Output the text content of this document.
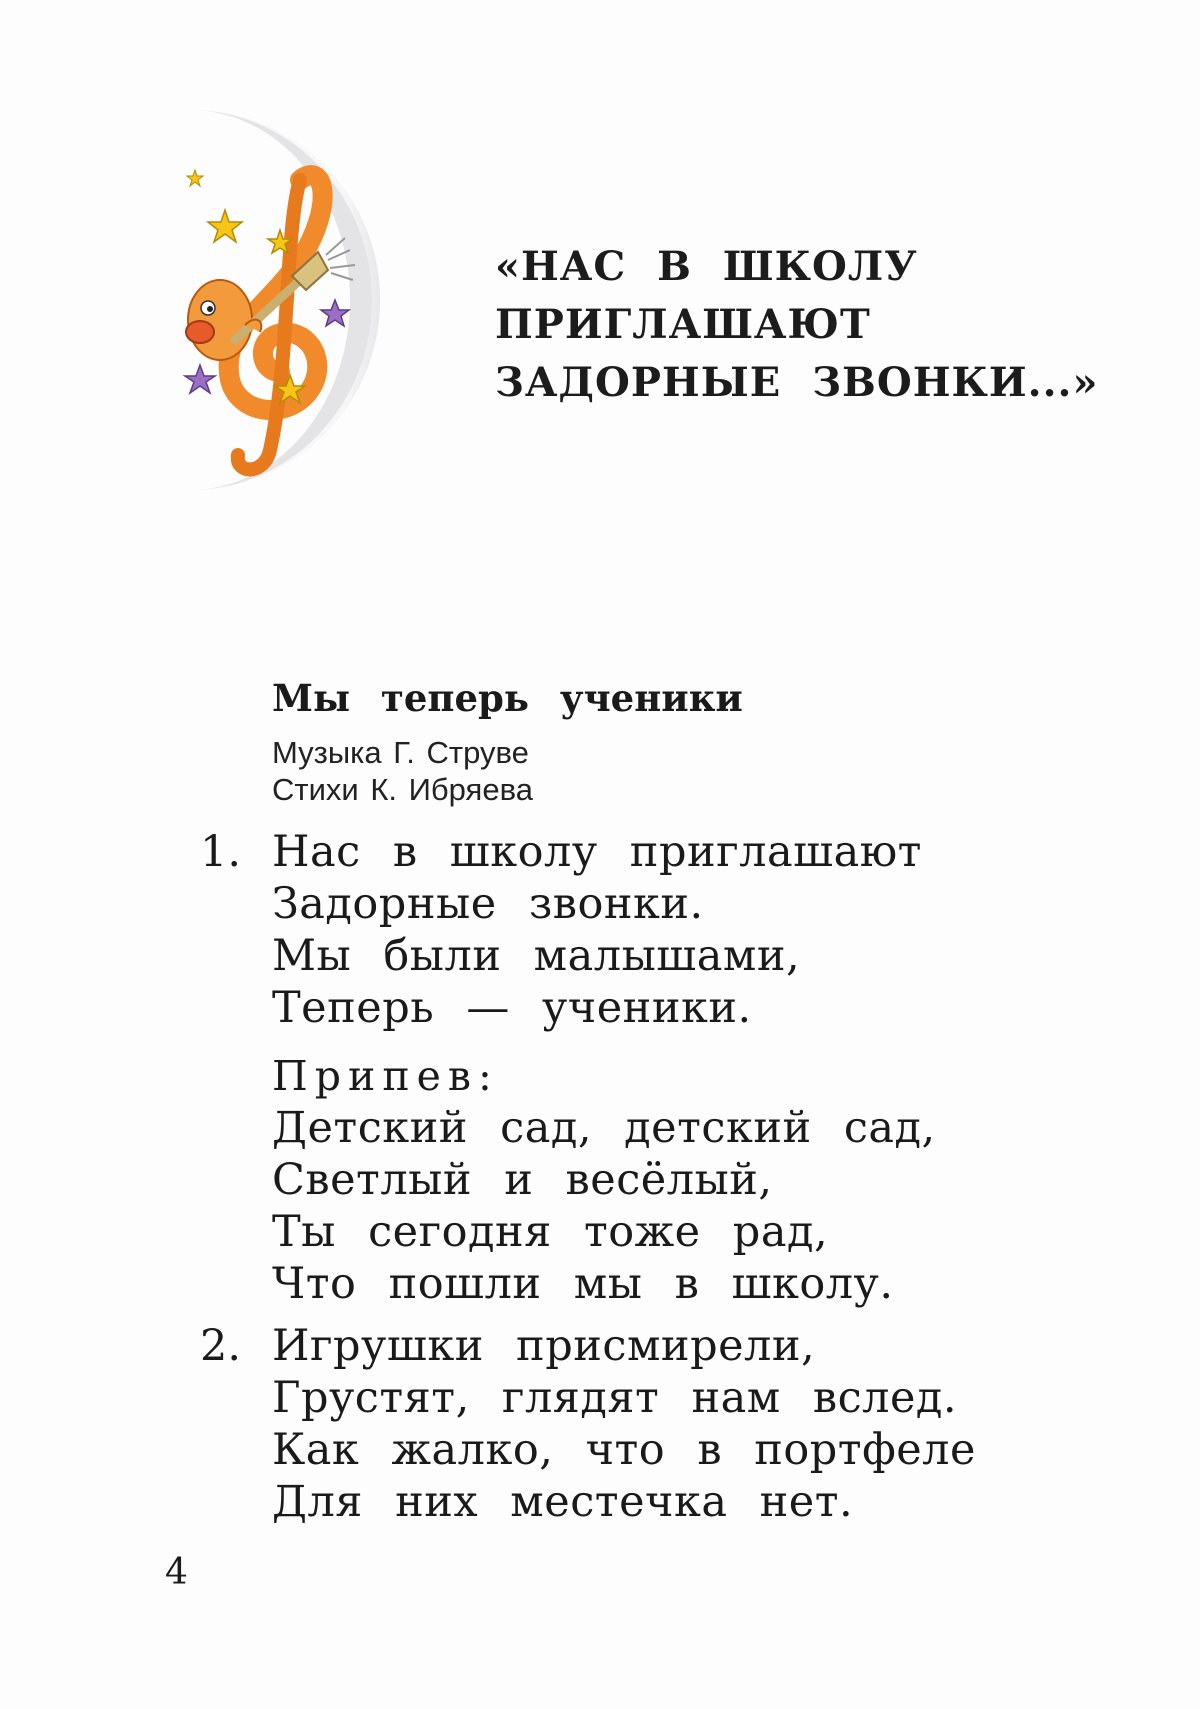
«НАС В ШКОЛУ
ПРИГЛАШАЮТ
ЗАДОРНЫЕ ЗВОНКИ...»
Мы теперь ученики
Музыка Г. Струве
Стихи К. Ибряева
1. Нас в школу приглашают
Задорные звонки.
Мы были малышами,
Теперь — ученики.
Припев:
Детский сад, детский сад,
Светлый и весёлый,
Ты сегодня тоже рад,
Что пошли мы в школу.
2. Игрушки присмирели,
Грустят, глядят нам вслед.
Как жалко, что в портфеле
Для них местечка нет.
4
